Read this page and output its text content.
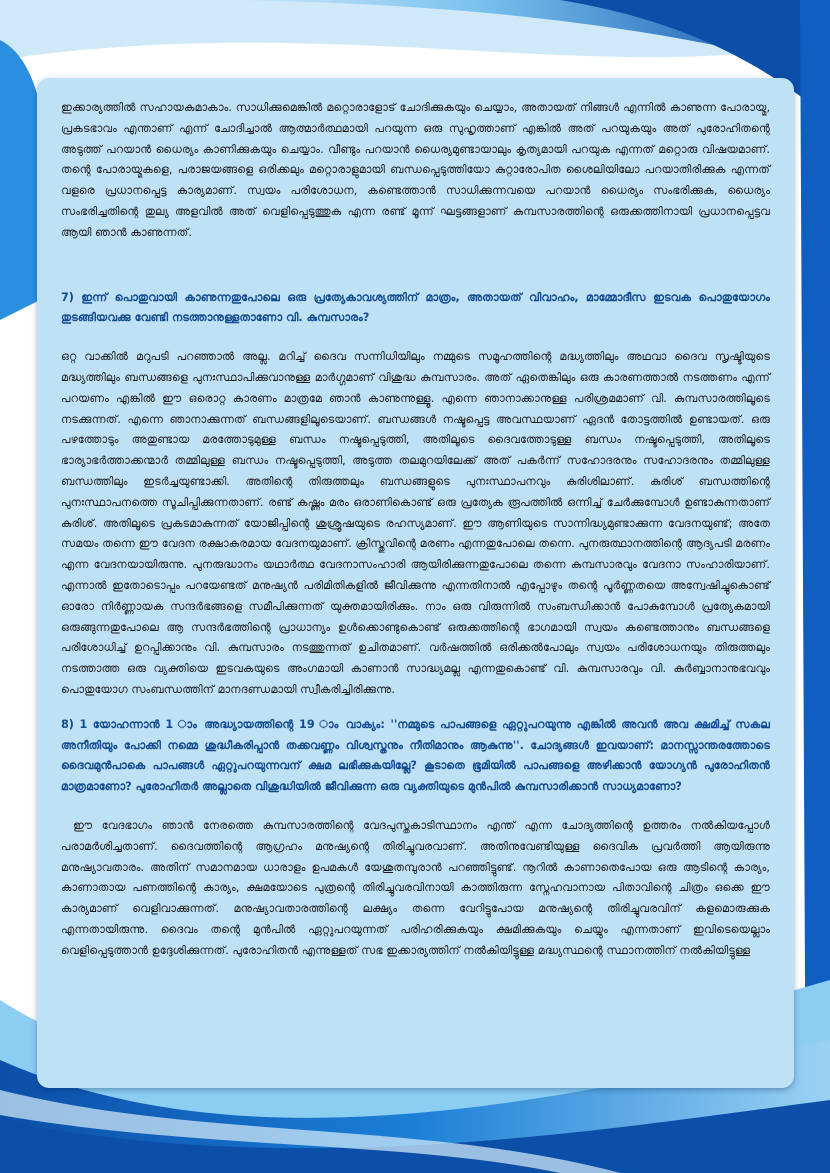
ഇക്കാര്യത്തിൽ സഹായകമാകാം. സാധിക്കുമെങ്കിൽ മറ്റൊരാളോട് ചോദിക്കുകയും ചെയ്യാം, അതായത് നിങ്ങൾ എന്നിൽ കാണുന്ന പോരായ്മ, പ്രകടഭാവം എന്താണ് എന്ന് ചോദിച്ചാൽ ആത്മാർത്ഥമായി പറയുന്ന ഒരു സുഹൃത്താണ് എങ്കിൽ അത് പറയുകയും അത് പുരോഹിതന്റെ അടുത്ത് പറയാൻ ധൈര്യം കാണിക്കുകയും ചെയ്യാം. വീണ്ടും പറയാൻ ധൈര്യമുണ്ടായാലും കൃത്യമായി പറയുക എന്നത് മറ്റൊരു വിഷയമാണ്. തന്റെ പോരായ്മകളെ, പരാജയങ്ങളെ ഒരിക്കലും മറ്റൊരാളുമായി ബന്ധപ്പെടുത്തിയോ കുറ്റാരോപിത ശൈലിയിലോ പറയാതിരിക്കുക എന്നത് വളരെ പ്രധാനപ്പെട്ട കാര്യമാണ്. സ്വയം പരിശോധന, കണ്ടെത്താൻ സാധിക്കുന്നവയെ പറയാൻ ധൈര്യം സംഭരിക്കുക, ധൈര്യം സംഭരിച്ചതിന്റെ തുല്യ അളവിൽ അത് വെളിപ്പെടുത്തുക എന്ന രണ്ട് മൂന്ന് ഘട്ടങ്ങളാണ് കുമ്പസാരത്തിന്റെ ഒരുക്കത്തിനായി പ്രധാനപ്പെട്ടവ ആയി ഞാൻ കാണുന്നത്.

7) ഇന്ന് പൊതുവായി കാണുന്നതുപോലെ ഒരു പ്രത്യേകാവശ്യത്തിന് മാത്രം, അതായത് വിവാഹം, മാമ്മോദീസ ഇടവക പൊതുയോഗം തുടങ്ങിയവക്കു വേണ്ടി നടത്താനുള്ളതാണോ വി. കുമ്പസാരം?

ഒറ്റ വാക്കിൽ മറുപടി പറഞ്ഞാൽ അല്ല. മറിച്ച് ദൈവ സന്നിധിയിലും നമ്മുടെ സമൂഹത്തിന്റെ മദ്ധ്യത്തിലും അഥവാ ദൈവ സൃഷ്ടിയുടെ മദ്ധ്യത്തിലും ബന്ധങ്ങളെ പുനഃസ്ഥാപിക്കുവാനുള്ള മാർഗ്ഗമാണ് വിശുദ്ധ കുമ്പസാരം. അത് ഏതെങ്കിലും ഒരു കാരണത്താൽ നടത്തണം എന്ന് പറയണം എങ്കിൽ ഈ ഒരൊറ്റ കാരണം മാത്രമേ ഞാൻ കാണുന്നുള്ളൂ. എന്നെ ഞാനാക്കാനുള്ള പരിശ്രമമാണ് വി. കുമ്പസാരത്തിലൂടെ നടക്കുന്നത്. എന്നെ ഞാനാക്കുന്നത് ബന്ധങ്ങളിലൂടെയാണ്. ബന്ധങ്ങൾ നഷ്ടപ്പെട്ട അവസ്ഥയാണ് ഏദൻ തോട്ടത്തിൽ ഉണ്ടായത്. ഒരു പഴത്തോടും അതുണ്ടായ മരത്തോടുമുള്ള ബന്ധം നഷ്ടപ്പെടുത്തി, അതിലൂടെ ദൈവത്തോടുള്ള ബന്ധം നഷ്ടപ്പെടുത്തി, അതിലൂടെ ഭാര്യാഭർത്താക്കന്മാർ തമ്മിലുള്ള ബന്ധം നഷ്ടപ്പെടുത്തി, അടുത്ത തലമുറയിലേക്ക് അത് പകർന്ന് സഹോദരനും സഹോദരനും തമ്മിലുള്ള ബന്ധത്തിലും ഇടർച്ചയുണ്ടാക്കി. അതിന്റെ തിരുത്തലും ബന്ധങ്ങളുടെ പുനഃസ്ഥാപനവും കുരിശിലാണ്. കുരിശ് ബന്ധത്തിന്റെ പുനഃസ്ഥാപനത്തെ സൂചിപ്പിക്കുന്നതാണ്. രണ്ട് കഷ്ണം മരം ഒരാണികൊണ്ട് ഒരു പ്രത്യേക രൂപത്തിൽ ഒന്നിച്ച് ചേർക്കുമ്പോൾ ഉണ്ടാകുന്നതാണ് കുരിശ്. അതിലൂടെ പ്രകടമാകുന്നത് യോജിപ്പിന്റെ ശുശ്രൂഷയുടെ രഹസ്യമാണ്. ഈ ആണിയുടെ സാന്നിദ്ധ്യമുണ്ടാക്കുന്ന വേദനയുണ്ട്; അതേ സമയം തന്നെ ഈ വേദന രക്ഷാകരമായ വേദനയുമാണ്. ക്രിസ്തുവിന്റെ മരണം എന്നതുപോലെ തന്നെ. പുനരുത്ഥാനത്തിന്റെ ആദ്യപടി മരണം എന്ന വേദനയായിരുന്നു. പുനരുദ്ധാനം യഥാർത്ഥ വേദനാസംഹാരി ആയിരിക്കുന്നതുപോലെ തന്നെ കുമ്പസാരവും വേദനാ സംഹാരിയാണ്. എന്നാൽ ഇതോടൊപ്പം പറയേണ്ടത് മനുഷ്യൻ പരിമിതികളിൽ ജീവിക്കുന്നു എന്നതിനാൽ എപ്പോഴും തന്റെ പൂർണ്ണതയെ അന്വേഷിച്ചുകൊണ്ട് ഓരോ നിർണ്ണായക സന്ദർഭങ്ങളെ സമീപിക്കുന്നത് യുക്തമായിരിക്കും. നാം ഒരു വിരുന്നിൽ സംബന്ധിക്കാൻ പോകുമ്പോൾ പ്രത്യേകമായി ഒരുങ്ങുന്നതുപോലെ ആ സന്ദർഭത്തിന്റെ പ്രാധാന്യം ഉൾക്കൊണ്ടുകൊണ്ട് ഒരുക്കത്തിന്റെ ഭാഗമായി സ്വയം കണ്ടെത്താനും ബന്ധങ്ങളെ പരിശോധിച്ച് ഉറപ്പിക്കാനും വി. കുമ്പസാരം നടത്തുന്നത് ഉചിതമാണ്. വർഷത്തിൽ ഒരിക്കൽപോലും സ്വയം പരിശോധനയും തിരുത്തലും നടത്താത്ത ഒരു വ്യക്തിയെ ഇടവകയുടെ അംഗമായി കാണാൻ സാദ്ധ്യമല്ല എന്നതുകൊണ്ട് വി. കുമ്പസാരവും വി. കുർബ്ബാനാനുഭവവും പൊതുയോഗ സംബന്ധത്തിന് മാനദണ്ഡമായി സ്വീകരിച്ചിരിക്കുന്നു.

8) 1 യോഹന്നാൻ 1 ാം അദ്ധ്യായത്തിന്റെ 19 ാം വാക്യം: ''നമ്മുടെ പാപങ്ങളെ ഏറ്റുപറയുന്നു എങ്കിൽ അവൻ അവ ക്ഷമിച്ച് സകല അനീതിയും പോക്കി നമ്മെ ശുദ്ധീകരിപ്പാൻ തക്കവണ്ണം വിശ്വസ്തനും നീതിമാനും ആകുന്നു''. ചോദ്യങ്ങൾ ഇവയാണ്: മാനസ്സാന്തരത്തോടെ ദൈവമുൻപാകെ പാപങ്ങൾ ഏറ്റുപറയുന്നവന് ക്ഷമ ലഭിക്കുകയില്ലേ? കൂടാതെ ഭൂമിയിൽ പാപങ്ങളെ അഴിക്കാൻ യോഗ്യൻ പുരോഹിതൻ മാത്രമാണോ? പുരോഹിതർ അല്ലാതെ വിശുദ്ധിയിൽ ജീവിക്കുന്ന ഒരു വ്യക്തിയുടെ മുൻപിൽ കുമ്പസാരിക്കാൻ സാധ്യമാണോ?

ഈ വേദഭാഗം ഞാൻ നേരത്തെ കുമ്പസാരത്തിന്റെ വേദപുസ്തകാടിസ്ഥാനം എന്ത് എന്ന ചോദ്യത്തിന്റെ ഉത്തരം നൽകിയപ്പോൾ പരാമർശിച്ചതാണ്. ദൈവത്തിന്റെ ആഗ്രഹം മനുഷ്യന്റെ തിരിച്ചുവരവാണ്. അതിനുവേണ്ടിയുള്ള ദൈവിക പ്രവർത്തി ആയിരുന്നു മനുഷ്യാവതാരം. അതിന് സമാനമായ ധാരാളം ഉപമകൾ യേശുതമ്പുരാൻ പറഞ്ഞിട്ടുണ്ട്. നൂറിൽ കാണാതെപോയ ഒരു ആടിന്റെ കാര്യം, കാണാതായ പണത്തിന്റെ കാര്യം, ക്ഷമയോടെ പുത്രന്റെ തിരിച്ചുവരവിനായി കാത്തിരുന്ന സ്നേഹവാനായ പിതാവിന്റെ ചിത്രം ഒക്കെ ഈ കാര്യമാണ് വെളിവാക്കുന്നത്. മനുഷ്യാവതാരത്തിന്റെ ലക്ഷ്യം തന്നെ വേറിട്ടുപോയ മനുഷ്യന്റെ തിരിച്ചുവരവിന് കളമൊരുക്കുക എന്നതായിരുന്നു. ദൈവം തന്റെ മുൻപിൽ ഏറ്റുപറയുന്നത് പരിഹരിക്കുകയും ക്ഷമിക്കുകയും ചെയ്യും എന്നതാണ് ഇവിടെയെല്ലാം വെളിപ്പെടുത്താൻ ഉദ്ദേശിക്കുന്നത്. പുരോഹിതൻ എന്നുള്ളത് സഭ ഇക്കാര്യത്തിന് നൽകിയിട്ടുള്ള മദ്ധ്യസ്ഥന്റെ സ്ഥാനത്തിന് നൽകിയിട്ടുള്ള
